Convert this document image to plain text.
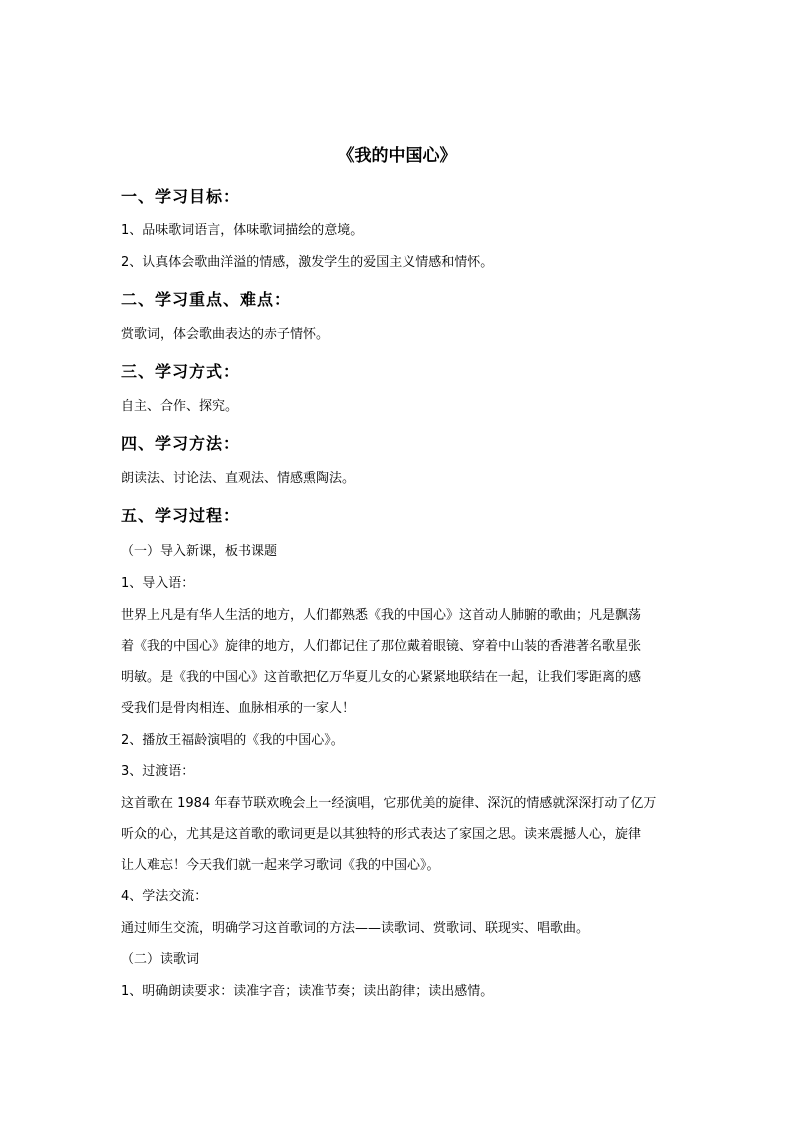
《我的中国心》
一、学习目标：
1、品味歌词语言，体味歌词描绘的意境。
2、认真体会歌曲洋溢的情感，激发学生的爱国主义情感和情怀。
二、学习重点、难点：
赏歌词，体会歌曲表达的赤子情怀。
三、学习方式：
自主、合作、探究。
四、学习方法：
朗读法、讨论法、直观法、情感熏陶法。
五、学习过程：
（一）导入新课，板书课题
1、导入语：
世界上凡是有华人生活的地方，人们都熟悉《我的中国心》这首动人肺腑的歌曲；凡是飘荡
着《我的中国心》旋律的地方，人们都记住了那位戴着眼镜、穿着中山装的香港著名歌星张
明敏。是《我的中国心》这首歌把亿万华夏儿女的心紧紧地联结在一起，让我们零距离的感
受我们是骨肉相连、血脉相承的一家人！
2、播放王福龄演唱的《我的中国心》。
3、过渡语：
这首歌在 1984 年春节联欢晚会上一经演唱，它那优美的旋律、深沉的情感就深深打动了亿万
听众的心，尤其是这首歌的歌词更是以其独特的形式表达了家国之思。读来震撼人心，旋律
让人难忘！今天我们就一起来学习歌词《我的中国心》。
4、学法交流：
通过师生交流，明确学习这首歌词的方法——读歌词、赏歌词、联现实、唱歌曲。
（二）读歌词
1、明确朗读要求：读准字音；读准节奏；读出韵律；读出感情。
